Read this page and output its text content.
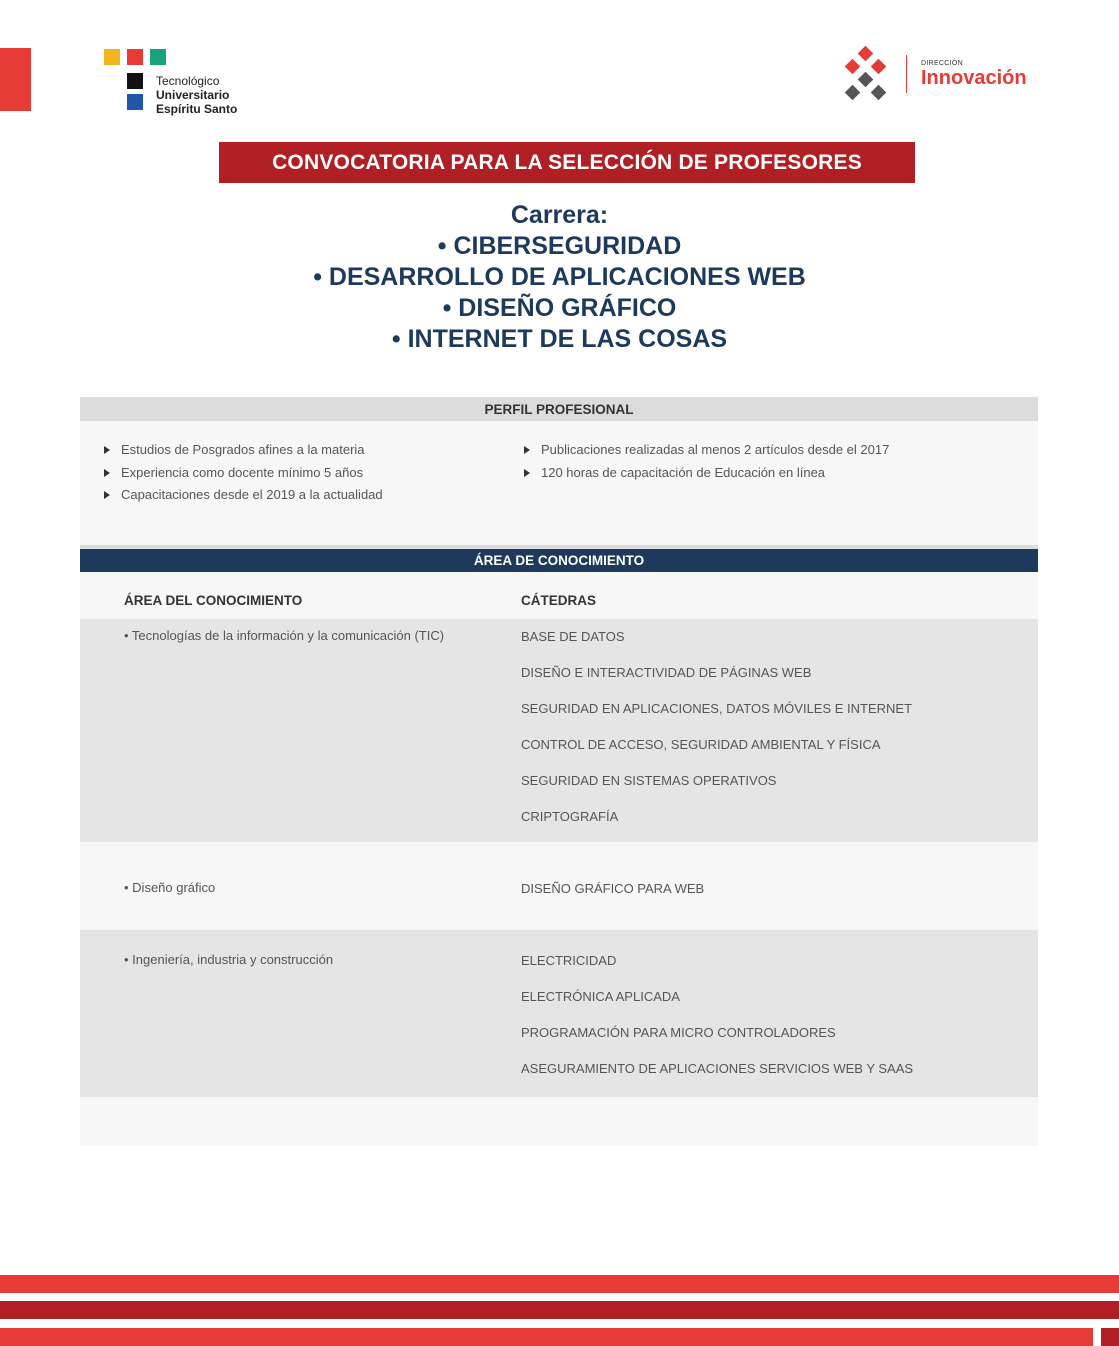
Tecnológico
Universitario
Espíritu Santo
DIRECCIÓN
Innovación
CONVOCATORIA PARA LA SELECCIÓN DE PROFESORES
Carrera:
• CIBERSEGURIDAD
• DESARROLLO DE APLICACIONES WEB
• DISEÑO GRÁFICO
• INTERNET DE LAS COSAS
PERFIL PROFESIONAL
Estudios de Posgrados afines a la materia
Experiencia como docente mínimo 5 años
Capacitaciones desde el 2019 a la actualidad
Publicaciones realizadas al menos 2 artículos desde el 2017
120 horas de capacitación de Educación en línea
ÁREA DE CONOCIMIENTO
ÁREA DEL CONOCIMIENTO	CÁTEDRAS
• Tecnologías de la información y la comunicación (TIC)	BASE DE DATOS
DISEÑO E INTERACTIVIDAD DE PÁGINAS WEB
SEGURIDAD EN APLICACIONES, DATOS MÓVILES E INTERNET
CONTROL DE ACCESO, SEGURIDAD AMBIENTAL Y FÍSICA
SEGURIDAD EN SISTEMAS OPERATIVOS
CRIPTOGRAFÍA
• Diseño gráfico	DISEÑO GRÁFICO PARA WEB
• Ingeniería, industria y construcción	ELECTRICIDAD
ELECTRÓNICA APLICADA
PROGRAMACIÓN PARA MICRO CONTROLADORES
ASEGURAMIENTO DE APLICACIONES SERVICIOS WEB Y SAAS
